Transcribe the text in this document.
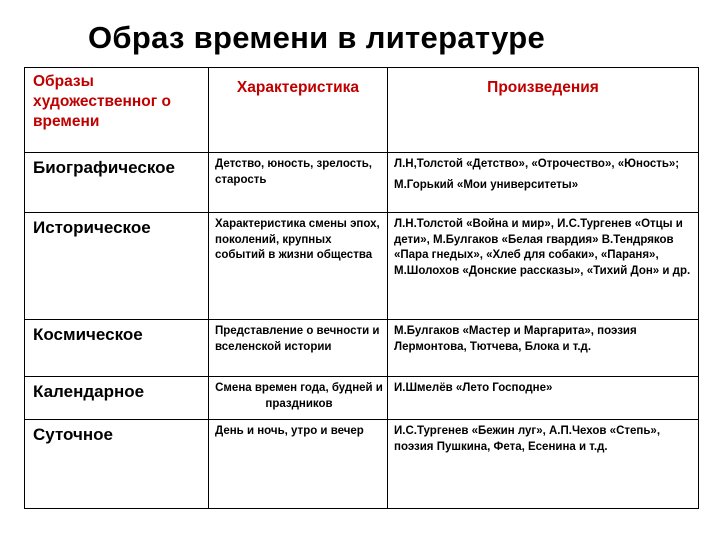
Образ времени в литературе
Образы художественног о времени	Характеристика	Произведения
Биографическое	Детство, юность, зрелость, старость	Л.Н,Толстой «Детство», «Отрочество», «Юность»;
М.Горький «Мои университеты»

Историческое	Характеристика смены эпох, поколений, крупных событий в жизни общества	Л.Н.Толстой «Война и мир», И.С.Тургенев «Отцы и дети», М.Булгаков «Белая гвардия» В.Тендряков «Пара гнедых», «Хлеб для собаки», «Параня», М.Шолохов «Донские рассказы», «Тихий Дон» и др.
Космическое	Представление о вечности и вселенской истории	М.Булгаков «Мастер и Маргарита», поэзия Лермонтова, Тютчева, Блока и т.д.
Календарное	Смена времен года, будней и праздников	И.Шмелёв «Лето Господне»
Суточное	День и ночь, утро и вечер	И.С.Тургенев «Бежин луг», А.П.Чехов «Степь», поэзия Пушкина, Фета, Есенина и т.д.
